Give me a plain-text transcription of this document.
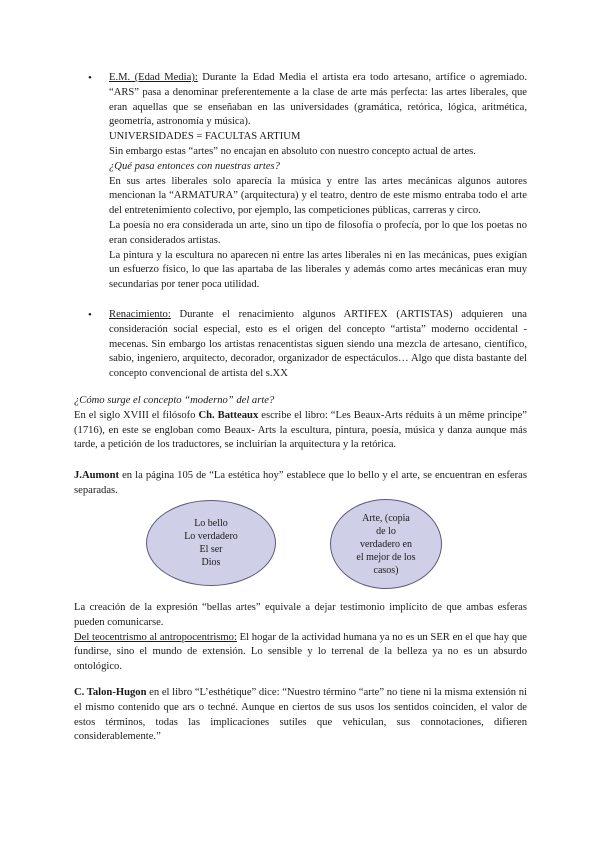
• E.M. (Edad Media): Durante la Edad Media el artista era todo artesano, artífice o agremiado. “ARS” pasa a denominar preferentemente a la clase de arte más perfecta: las artes liberales, que eran aquellas que se enseñaban en las universidades (gramática, retórica, lógica, aritmética, geometría, astronomía y música).

UNIVERSIDADES = FACULTAS ARTIUM

Sin embargo estas “artes” no encajan en absoluto con nuestro concepto actual de artes.

¿Qué pasa entonces con nuestras artes?

En sus artes liberales solo aparecía la música y entre las artes mecánicas algunos autores mencionan la “ARMATURA” (arquitectura) y el teatro, dentro de este mismo entraba todo el arte del entretenimiento colectivo, por ejemplo, las competiciones públicas, carreras y circo.

La poesía no era considerada un arte, sino un tipo de filosofía o profecía, por lo que los poetas no eran considerados artistas.

La pintura y la escultura no aparecen ni entre las artes liberales ni en las mecánicas, pues exigían un esfuerzo físico, lo que las apartaba de las liberales y además como artes mecánicas eran muy secundarias por tener poca utilidad.

• Renacimiento: Durante el renacimiento algunos ARTIFEX (ARTISTAS) adquieren una consideración social especial, esto es el origen del concepto “artista” moderno occidental - mecenas. Sin embargo los artistas renacentistas siguen siendo una mezcla de artesano, científico, sabio, ingeniero, arquitecto, decorador, organizador de espectáculos… Algo que dista bastante del concepto convencional de artista del s.XX

¿Cómo surge el concepto “moderno” del arte?

En el siglo XVIII el filósofo Ch. Batteaux escribe el libro: “Les Beaux-Arts réduits à un même principe” (1716), en este se engloban como Beaux- Arts la escultura, pintura, poesía, música y danza aunque más tarde, a petición de los traductores, se incluirían la arquitectura y la retórica.

J.Aumont en la página 105 de “La estética hoy” establece que lo bello y el arte, se encuentran en esferas separadas.

Lo bello
Lo verdadero
El ser
Dios
Arte, (copia
de lo
verdadero en
el mejor de los
casos)

La creación de la expresión “bellas artes” equivale a dejar testimonio implícito de que ambas esferas pueden comunicarse.

Del teocentrismo al antropocentrismo: El hogar de la actividad humana ya no es un SER en el que hay que fundirse, sino el mundo de extensión. Lo sensible y lo terrenal de la belleza ya no es un absurdo ontológico.

C. Talon-Hugon en el libro “L’esthétique” dice: “Nuestro término “arte” no tiene ni la misma extensión ni el mismo contenido que ars o techné. Aunque en ciertos de sus usos los sentidos coinciden, el valor de estos términos, todas las implicaciones sutiles que vehiculan, sus connotaciones, difieren considerablemente.”
